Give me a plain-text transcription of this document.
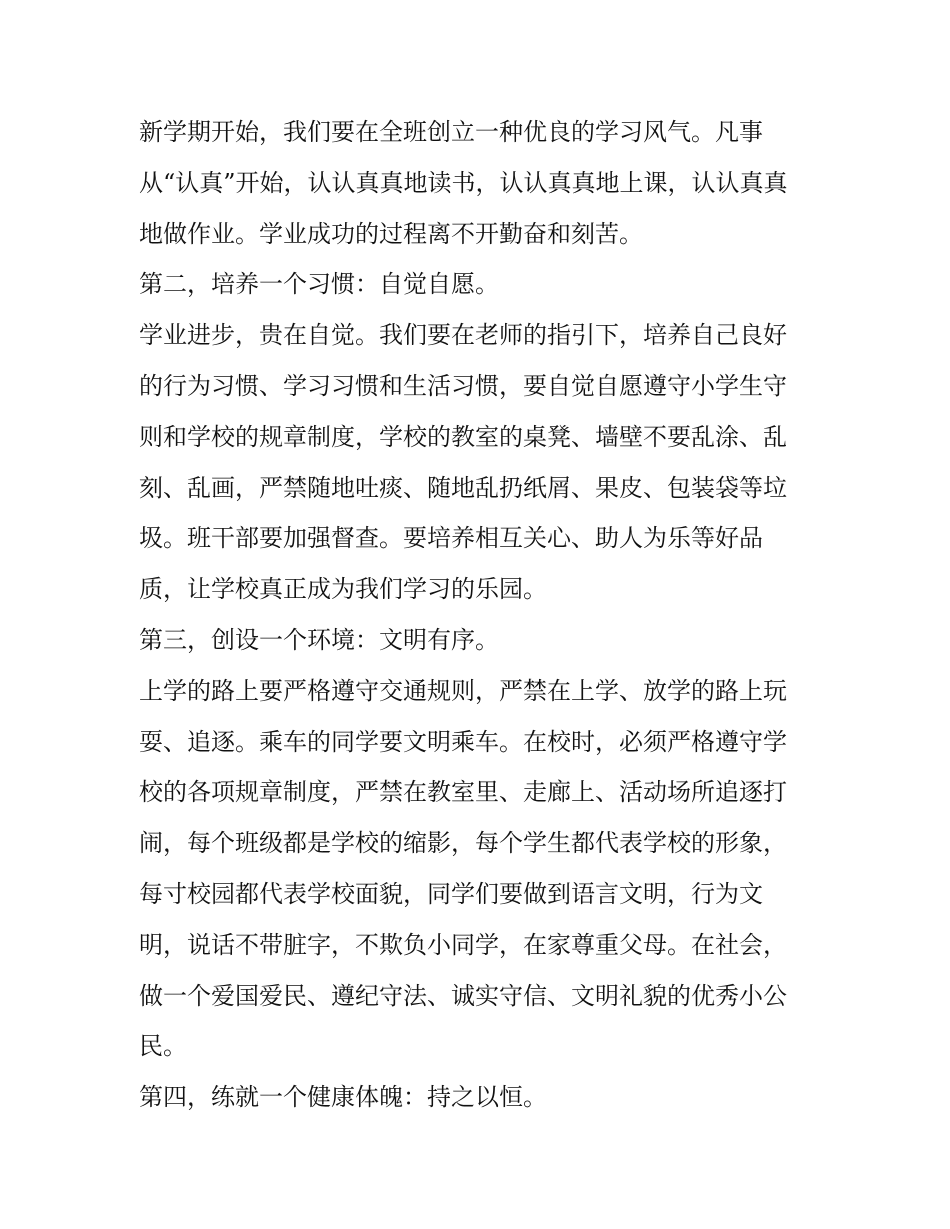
新学期开始，我们要在全班创立一种优良的学习风气。凡事
从“认真”开始，认认真真地读书，认认真真地上课，认认真真
地做作业。学业成功的过程离不开勤奋和刻苦。
第二，培养一个习惯：自觉自愿。
学业进步，贵在自觉。我们要在老师的指引下，培养自己良好
的行为习惯、学习习惯和生活习惯，要自觉自愿遵守小学生守
则和学校的规章制度，学校的教室的桌凳、墙壁不要乱涂、乱
刻、乱画，严禁随地吐痰、随地乱扔纸屑、果皮、包装袋等垃
圾。班干部要加强督查。要培养相互关心、助人为乐等好品
质，让学校真正成为我们学习的乐园。
第三，创设一个环境：文明有序。
上学的路上要严格遵守交通规则，严禁在上学、放学的路上玩
耍、追逐。乘车的同学要文明乘车。在校时，必须严格遵守学
校的各项规章制度，严禁在教室里、走廊上、活动场所追逐打
闹，每个班级都是学校的缩影，每个学生都代表学校的形象，
每寸校园都代表学校面貌，同学们要做到语言文明，行为文
明，说话不带脏字，不欺负小同学，在家尊重父母。在社会，
做一个爱国爱民、遵纪守法、诚实守信、文明礼貌的优秀小公
民。
第四，练就一个健康体魄：持之以恒。
